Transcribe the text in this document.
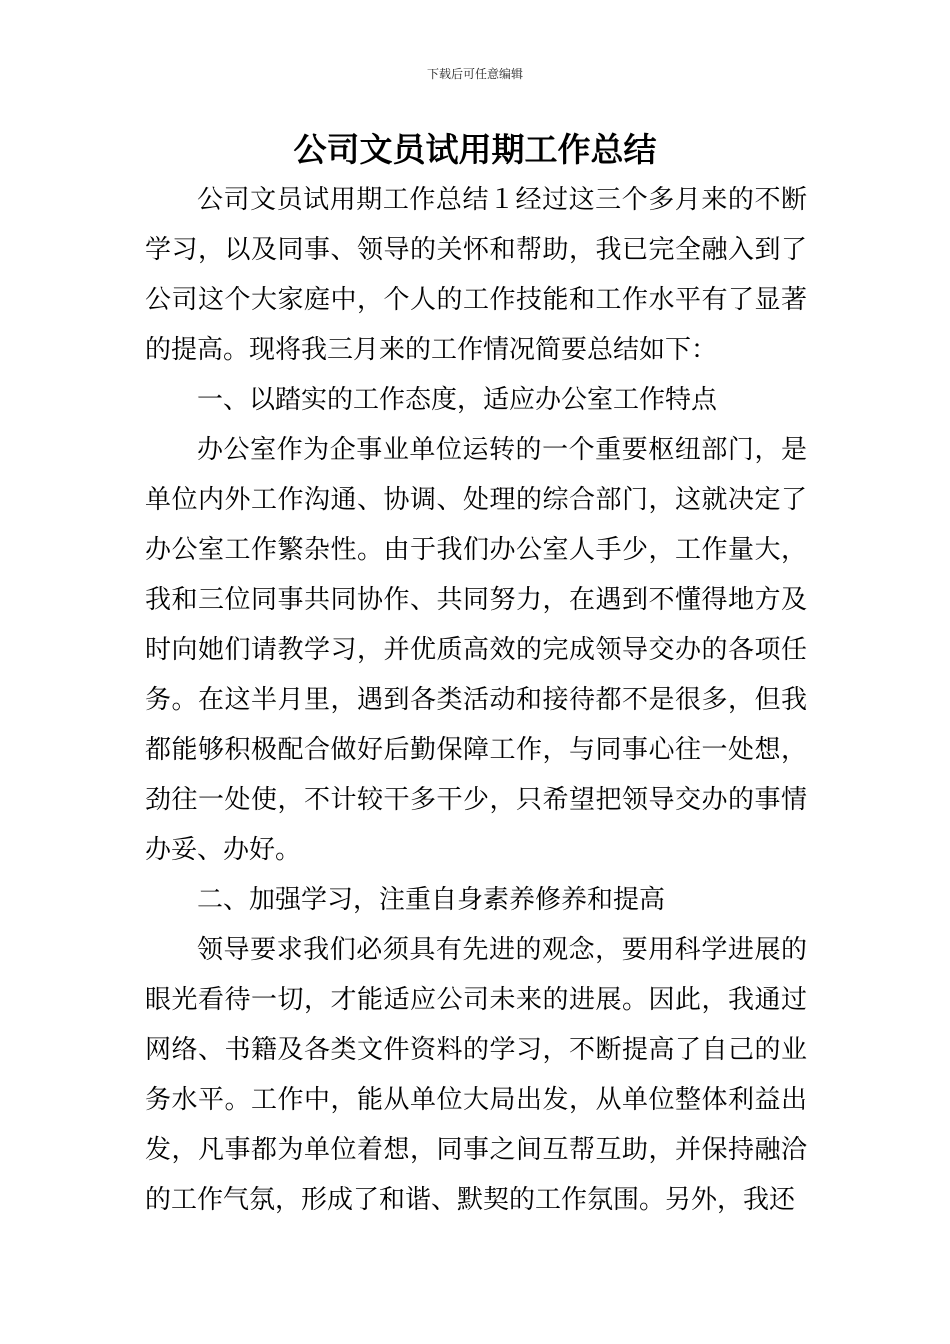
下载后可任意编辑
公司文员试用期工作总结

公司文员试用期工作总结１经过这三个多月来的不断学习，以及同事、领导的关怀和帮助，我已完全融入到了公司这个大家庭中，个人的工作技能和工作水平有了显著的提高。现将我三月来的工作情况简要总结如下：

一、以踏实的工作态度，适应办公室工作特点

办公室作为企事业单位运转的一个重要枢纽部门，是单位内外工作沟通、协调、处理的综合部门，这就决定了办公室工作繁杂性。由于我们办公室人手少，工作量大，我和三位同事共同协作、共同努力，在遇到不懂得地方及时向她们请教学习，并优质高效的完成领导交办的各项任务。在这半月里，遇到各类活动和接待都不是很多，但我都能够积极配合做好后勤保障工作，与同事心往一处想，劲往一处使，不计较干多干少，只希望把领导交办的事情办妥、办好。

二、加强学习，注重自身素养修养和提高

领导要求我们必须具有先进的观念，要用科学进展的眼光看待一切，才能适应公司未来的进展。因此，我通过网络、书籍及各类文件资料的学习，不断提高了自己的业务水平。工作中，能从单位大局出发，从单位整体利益出发，凡事都为单位着想，同事之间互帮互助，并保持融洽的工作气氛，形成了和谐、默契的工作氛围。另外，我还
